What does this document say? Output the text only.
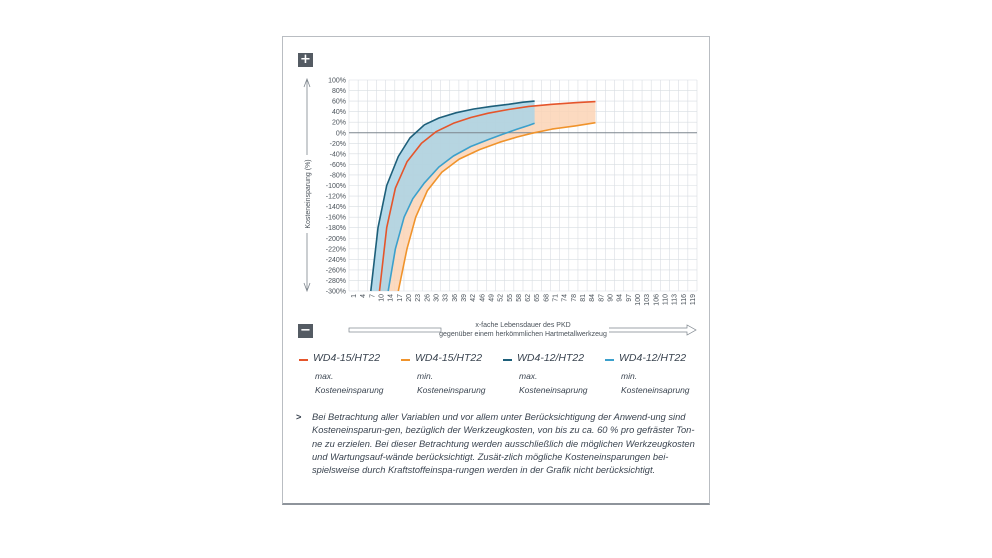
+
−
100%
80%
60%
40%
20%
0%
-20%
-40%
-60%
-80%
-100%
-120%
-140%
-160%
-180%
-200%
-220%
-240%
-260%
-280%
-300%
1 4 7 10 14 17 20 23 26 30 33 36 39 42 46 49 52 55 58 62 65 68 71 74 78 81 84 87 90 94 97 100 103 106 110 113 116 119
Kosteneinsparung (%)
x-fache Lebensdauer des PKD
gegenüber einem herkömmlichen Hartmetallwerkzeug
WD4-15/HT22
max.
Kosteneinsparung
WD4-15/HT22
min.
Kosteneinsparung
WD4-12/HT22
max.
Kosteneinsaprung
WD4-12/HT22
min.
Kosteneinsaprung
> Bei Betrachtung aller Variablen und vor allem unter Berücksichtigung der Anwend-ung sind Kosteneinsparun-gen, bezüglich der Werkzeugkosten, von bis zu ca. 60 % pro gefräster Ton-ne zu erzielen. Bei dieser Betrachtung werden ausschließlich die möglichen Werkzeugkosten und Wartungsauf-wände berücksichtigt. Zusät-zlich mögliche Kosteneinsparungen bei-spielsweise durch Kraftstoffeinspa-rungen werden in der Grafik nicht berücksichtigt.
